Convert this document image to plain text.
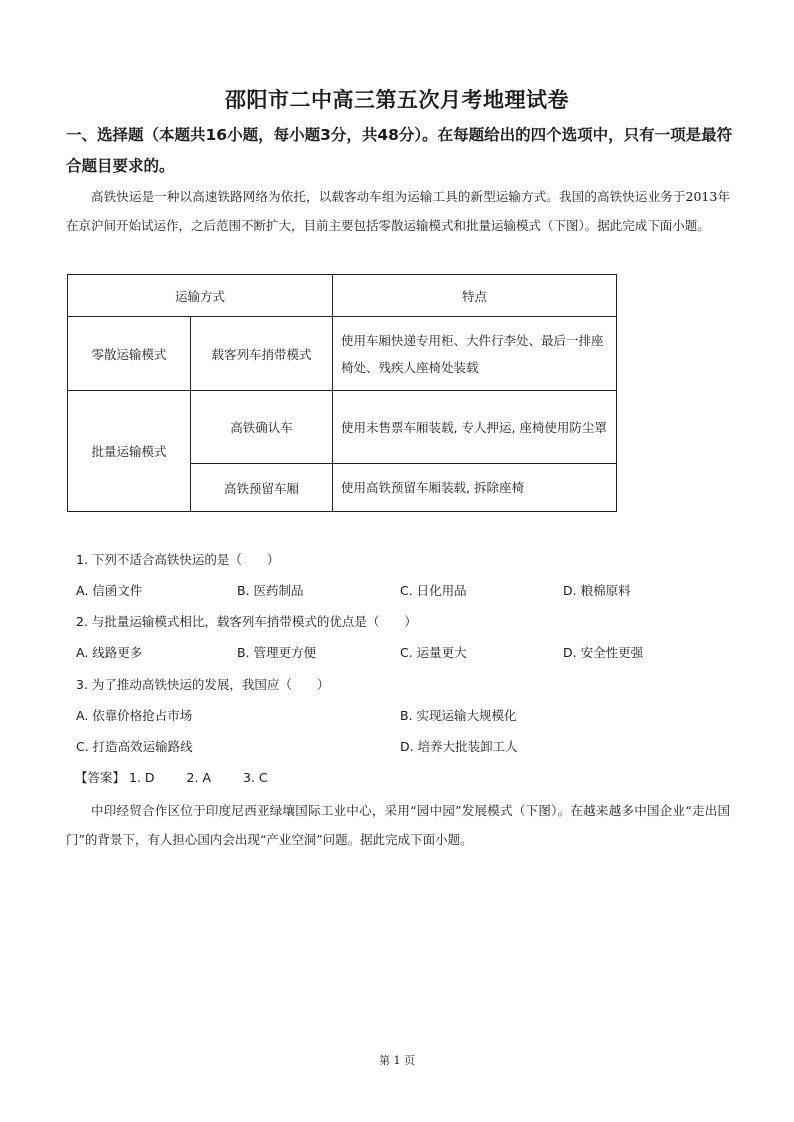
邵阳市二中高三第五次月考地理试卷
一、选择题（本题共16小题，每小题3分，共48分）。在每题给出的四个选项中，只有一项是最符合题目要求的。
高铁快运是一种以高速铁路网络为依托，以载客动车组为运输工具的新型运输方式。我国的高铁快运业务于2013年在京沪间开始试运作，之后范围不断扩大，目前主要包括零散运输模式和批量运输模式（下图）。据此完成下面小题。
运输方式		特点
零散运输模式	载客列车捎带模式	使用车厢快递专用柜、大件行李处、最后一排座椅处、残疾人座椅处装载
批量运输模式	高铁确认车	使用未售票车厢装载, 专人押运, 座椅使用防尘罩
	高铁预留车厢	使用高铁预留车厢装载, 拆除座椅
1. 下列不适合高铁快运的是（　　）
A. 信函文件	B. 医药制品	C. 日化用品	D. 粮棉原料
2. 与批量运输模式相比，载客列车捎带模式的优点是（　　）
A. 线路更多	B. 管理更方便	C. 运量更大	D. 安全性更强
3. 为了推动高铁快运的发展，我国应（　　）
A. 依靠价格抢占市场	B. 实现运输大规模化
C. 打造高效运输路线	D. 培养大批装卸工人
【答案】 1. D	2. A	3. C
中印经贸合作区位于印度尼西亚绿壤国际工业中心，采用“园中园”发展模式（下图）。在越来越多中国企业“走出国门”的背景下，有人担心国内会出现“产业空洞”问题。据此完成下面小题。
第 1 页
